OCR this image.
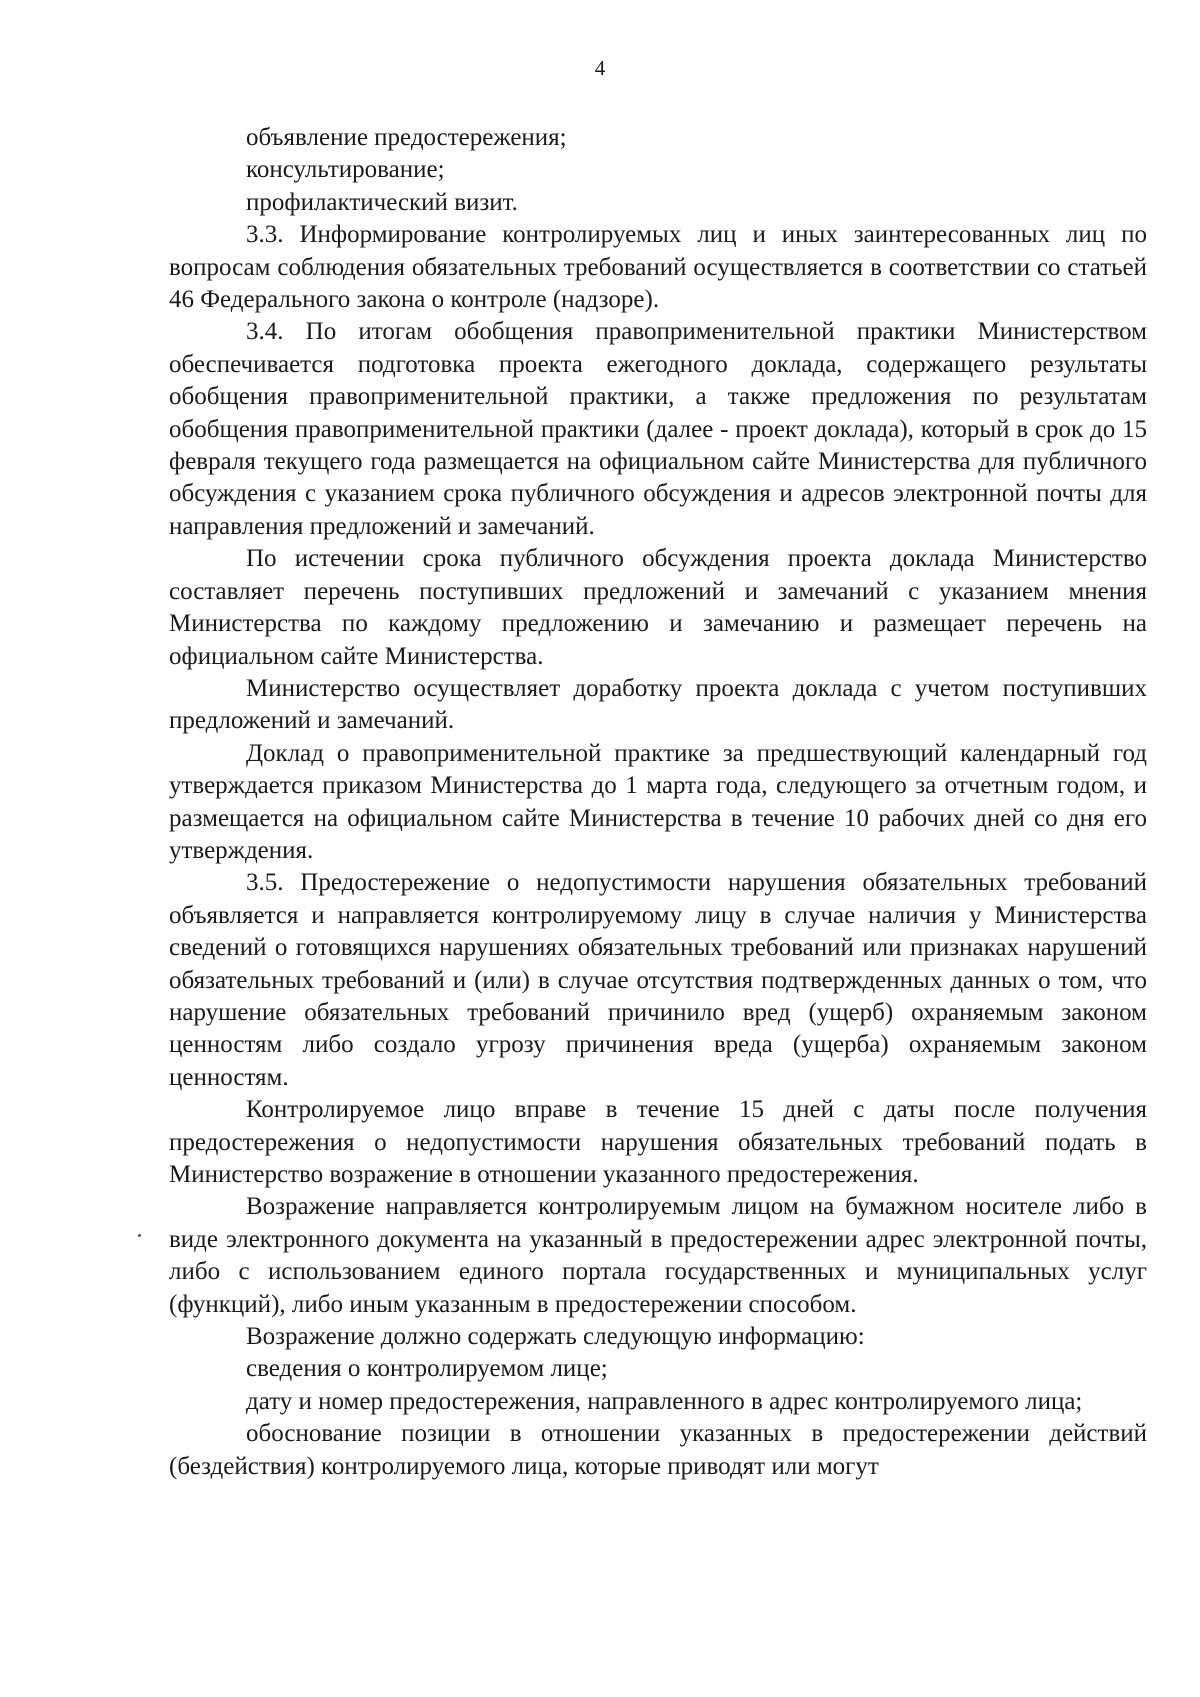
4

объявление предостережения;

консультирование;

профилактический визит.

3.3. Информирование контролируемых лиц и иных заинтересованных лиц по вопросам соблюдения обязательных требований осуществляется в соответствии со статьей 46 Федерального закона о контроле (надзоре).

3.4. По итогам обобщения правоприменительной практики Министерством обеспечивается подготовка проекта ежегодного доклада, содержащего результаты обобщения правоприменительной практики, а также предложения по результатам обобщения правоприменительной практики (далее - проект доклада), который в срок до 15 февраля текущего года размещается на официальном сайте Министерства для публичного обсуждения с указанием срока публичного обсуждения и адресов электронной почты для направления предложений и замечаний.

По истечении срока публичного обсуждения проекта доклада Министерство составляет перечень поступивших предложений и замечаний с указанием мнения Министерства по каждому предложению и замечанию и размещает перечень на официальном сайте Министерства.

Министерство осуществляет доработку проекта доклада с учетом поступивших предложений и замечаний.

Доклад о правоприменительной практике за предшествующий календарный год утверждается приказом Министерства до 1 марта года, следующего за отчетным годом, и размещается на официальном сайте Министерства в течение 10 рабочих дней со дня его утверждения.

3.5. Предостережение о недопустимости нарушения обязательных требований объявляется и направляется контролируемому лицу в случае наличия у Министерства сведений о готовящихся нарушениях обязательных требований или признаках нарушений обязательных требований и (или) в случае отсутствия подтвержденных данных о том, что нарушение обязательных требований причинило вред (ущерб) охраняемым законом ценностям либо создало угрозу причинения вреда (ущерба) охраняемым законом ценностям.

Контролируемое лицо вправе в течение 15 дней с даты после получения предостережения о недопустимости нарушения обязательных требований подать в Министерство возражение в отношении указанного предостережения.

Возражение направляется контролируемым лицом на бумажном носителе либо в виде электронного документа на указанный в предостережении адрес электронной почты, либо с использованием единого портала государственных и муниципальных услуг (функций), либо иным указанным в предостережении способом.

Возражение должно содержать следующую информацию:

сведения о контролируемом лице;

дату и номер предостережения, направленного в адрес контролируемого лица;

обоснование позиции в отношении указанных в предостережении действий (бездействия) контролируемого лица, которые приводят или могут
